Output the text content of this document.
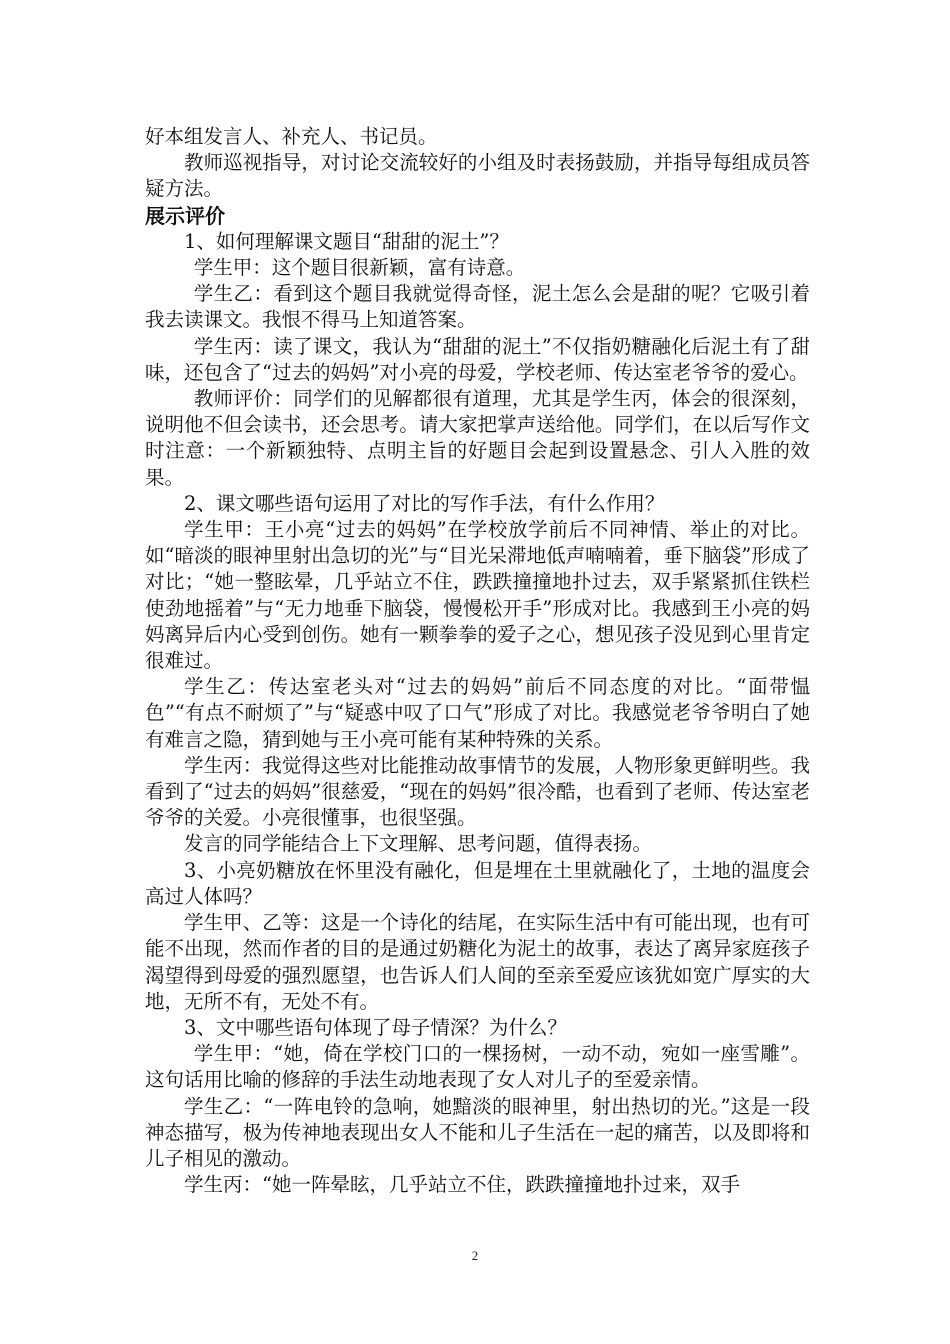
好本组发言人、补充人、书记员。

教师巡视指导，对讨论交流较好的小组及时表扬鼓励，并指导每组成员答疑方法。

展示评价

1、如何理解课文题目“甜甜的泥土”？

学生甲：这个题目很新颖，富有诗意。

学生乙：看到这个题目我就觉得奇怪，泥土怎么会是甜的呢？它吸引着我去读课文。我恨不得马上知道答案。

学生丙：读了课文，我认为“甜甜的泥土”不仅指奶糖融化后泥土有了甜味，还包含了“过去的妈妈”对小亮的母爱，学校老师、传达室老爷爷的爱心。

教师评价：同学们的见解都很有道理，尤其是学生丙，体会的很深刻，说明他不但会读书，还会思考。请大家把掌声送给他。同学们，在以后写作文时注意：一个新颖独特、点明主旨的好题目会起到设置悬念、引人入胜的效果。

2、课文哪些语句运用了对比的写作手法，有什么作用？

学生甲：王小亮“过去的妈妈”在学校放学前后不同神情、举止的对比。如“暗淡的眼神里射出急切的光”与“目光呆滞地低声喃喃着，垂下脑袋”形成了对比；“她一整眩晕，几乎站立不住，跌跌撞撞地扑过去，双手紧紧抓住铁栏使劲地摇着”与“无力地垂下脑袋，慢慢松开手”形成对比。我感到王小亮的妈妈离异后内心受到创伤。她有一颗拳拳的爱子之心，想见孩子没见到心里肯定很难过。

学生乙：传达室老头对“过去的妈妈”前后不同态度的对比。“面带愠色”“有点不耐烦了”与“疑惑中叹了口气”形成了对比。我感觉老爷爷明白了她有难言之隐，猜到她与王小亮可能有某种特殊的关系。

学生丙：我觉得这些对比能推动故事情节的发展，人物形象更鲜明些。我看到了“过去的妈妈”很慈爱，“现在的妈妈”很冷酷，也看到了老师、传达室老爷爷的关爱。小亮很懂事，也很坚强。

发言的同学能结合上下文理解、思考问题，值得表扬。

3、小亮奶糖放在怀里没有融化，但是埋在土里就融化了，土地的温度会高过人体吗？

学生甲、乙等：这是一个诗化的结尾，在实际生活中有可能出现，也有可能不出现，然而作者的目的是通过奶糖化为泥土的故事，表达了离异家庭孩子渴望得到母爱的强烈愿望，也告诉人们人间的至亲至爱应该犹如宽广厚实的大地，无所不有，无处不有。

3、文中哪些语句体现了母子情深？为什么？

学生甲：“她，倚在学校门口的一棵扬树，一动不动，宛如一座雪雕”。这句话用比喻的修辞的手法生动地表现了女人对儿子的至爱亲情。

学生乙：“一阵电铃的急响，她黯淡的眼神里，射出热切的光。”这是一段神态描写，极为传神地表现出女人不能和儿子生活在一起的痛苦，以及即将和儿子相见的激动。

学生丙：“她一阵晕眩，几乎站立不住，跌跌撞撞地扑过来，双手

2
